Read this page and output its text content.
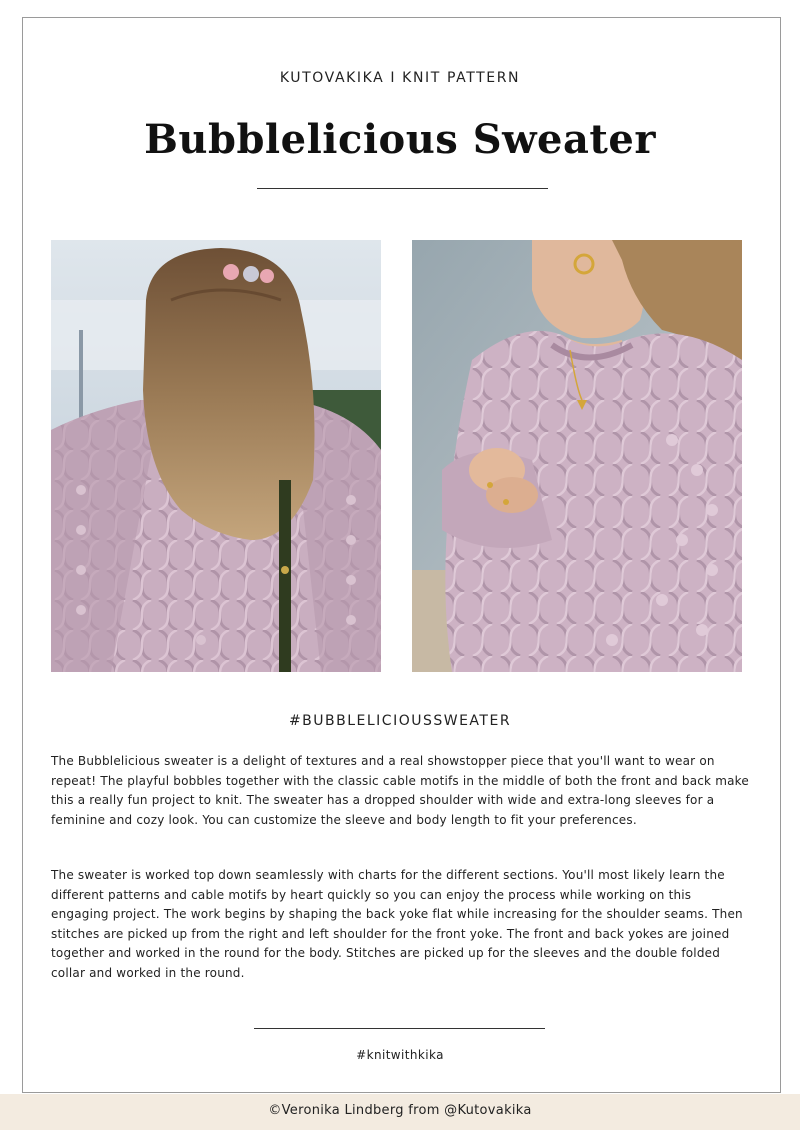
KUTOVAKIKA I KNIT PATTERN
Bubblelicious Sweater
#BUBBLELICIOUSSWEATER
The Bubblelicious sweater is a delight of textures and a real showstopper piece that you'll want to wear on repeat! The playful bobbles together with the classic cable motifs in the middle of both the front and back make this a really fun project to knit. The sweater has a dropped shoulder with wide and extra-long sleeves for a feminine and cozy look. You can customize the sleeve and body length to fit your preferences.
The sweater is worked top down seamlessly with charts for the different sections. You'll most likely learn the different patterns and cable motifs by heart quickly so you can enjoy the process while working on this engaging project. The work begins by shaping the back yoke flat while increasing for the shoulder seams. Then stitches are picked up from the right and left shoulder for the front yoke. The front and back yokes are joined together and worked in the round for the body. Stitches are picked up for the sleeves and the double folded collar and worked in the round.
#knitwithkika
©Veronika Lindberg from @Kutovakika
